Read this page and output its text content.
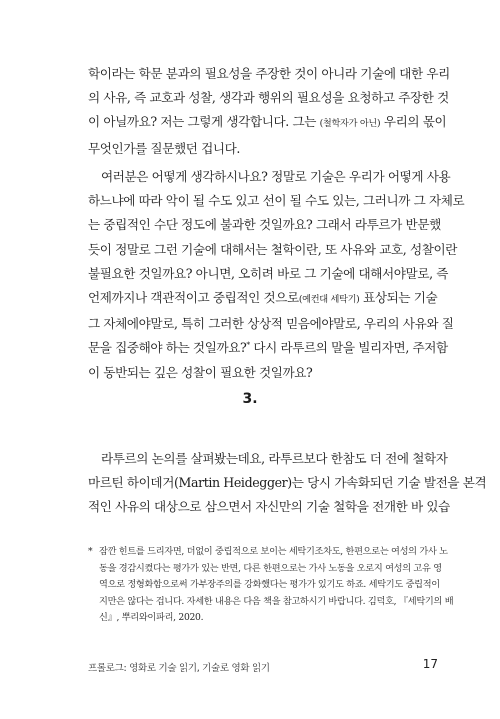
학이라는 학문 분과의 필요성을 주장한 것이 아니라 기술에 대한 우리
의 사유, 즉 교호과 성찰, 생각과 행위의 필요성을 요청하고 주장한 것
이 아닐까요? 저는 그렇게 생각합니다. 그는 (철학자가 아닌) 우리의 몫이
무엇인가를 질문했던 겁니다.
여러분은 어떻게 생각하시나요? 정말로 기술은 우리가 어떻게 사용
하느냐에 따라 악이 될 수도 있고 선이 될 수도 있는, 그러니까 그 자체로
는 중립적인 수단 정도에 불과한 것일까요? 그래서 라투르가 반문했
듯이 정말로 그런 기술에 대해서는 철학이란, 또 사유와 교호, 성찰이란
불필요한 것일까요? 아니면, 오히려 바로 그 기술에 대해서야말로, 즉
언제까지나 객관적이고 중립적인 것으로(예컨대 세탁기) 표상되는 기술
그 자체에야말로, 특히 그러한 상상적 믿음에야말로, 우리의 사유와 질
문을 집중해야 하는 것일까요?* 다시 라투르의 말을 빌리자면, 주저함
이 동반되는 깊은 성찰이 필요한 것일까요?
3.
라투르의 논의를 살펴봤는데요, 라투르보다 한참도 더 전에 철학자
마르틴 하이데거(Martin Heidegger)는 당시 가속화되던 기술 발전을 본격
적인 사유의 대상으로 삼으면서 자신만의 기술 철학을 전개한 바 있습
* 잠깐 힌트를 드리자면, 더없이 중립적으로 보이는 세탁기조차도, 한편으로는 여성의 가사 노
동을 경감시켰다는 평가가 있는 반면, 다른 한편으로는 가사 노동을 오로지 여성의 고유 영
역으로 정형화함으로써 가부장주의를 강화했다는 평가가 있기도 하죠. 세탁기도 중립적이
지만은 않다는 겁니다. 자세한 내용은 다음 책을 참고하시기 바랍니다. 김덕호, 『세탁기의 배
신』, 뿌리와이파리, 2020.
프롤로그: 영화로 기술 읽기, 기술로 영화 읽기	17
